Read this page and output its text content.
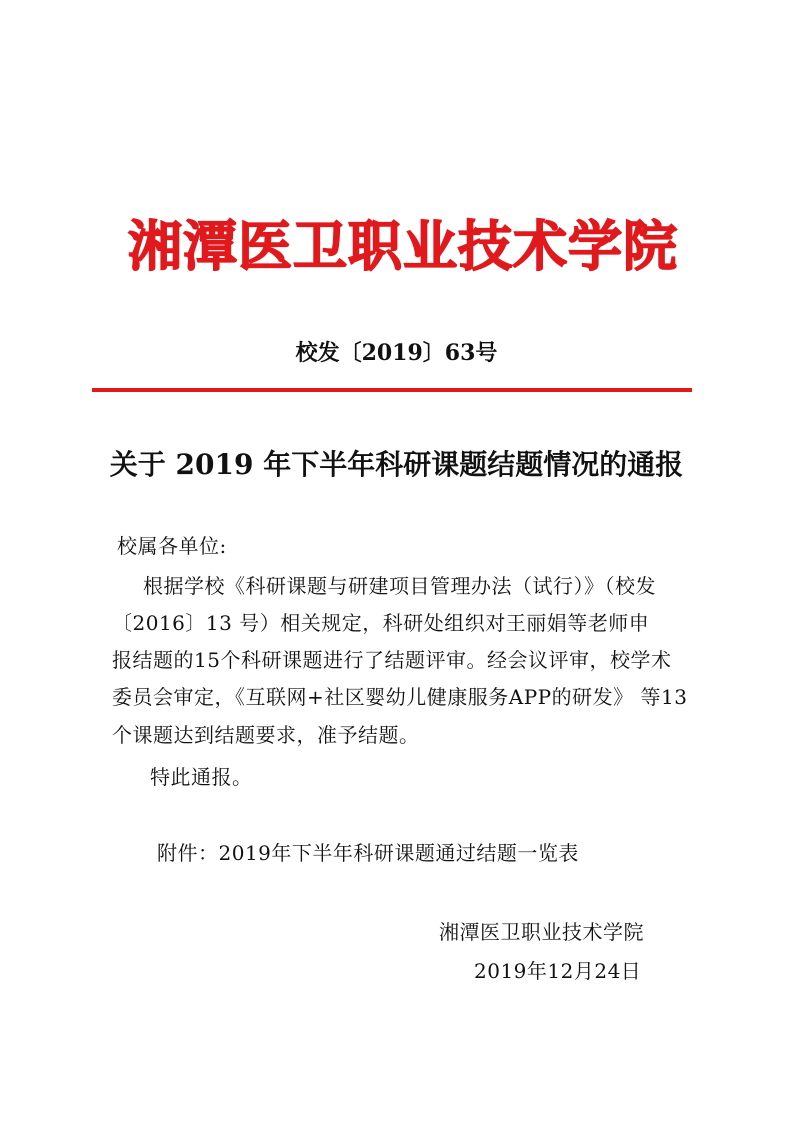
湘潭医卫职业技术学院
校发〔2019〕63号
关于 2019 年下半年科研课题结题情况的通报
校属各单位:
根据学校《科研课题与研建项目管理办法（试行）》（校发
〔2016〕13 号）相关规定，科研处组织对王丽娟等老师申
报结题的15个科研课题进行了结题评审。经会议评审，校学术
委员会审定，《互联网+社区婴幼儿健康服务APP的研发》 等13
个课题达到结题要求，准予结题。
特此通报。
附件：2019年下半年科研课题通过结题一览表
湘潭医卫职业技术学院
2019年12月24日
